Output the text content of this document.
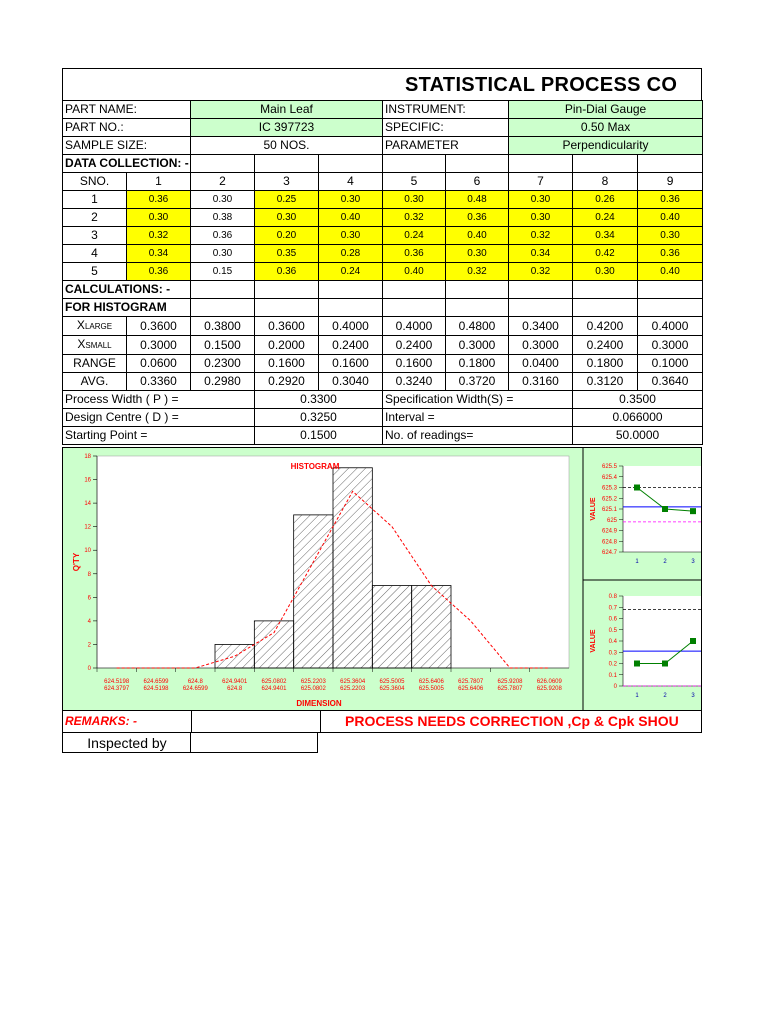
STATISTICAL PROCESS CO
PART NAME:		Main Leaf			INSTRUMENT:		Pin-Dial Gauge		
PART NO.:		IC 397723			SPECIFIC:		0.50 Max		
SAMPLE SIZE:		50 NOS.			PARAMETER		Perpendicularity		
DATA COLLECTION: -									
SNO.	1	2	3	4	5	6	7	8	9
1	0.36	0.30	0.25	0.30	0.30	0.48	0.30	0.26	0.36
2	0.30	0.38	0.30	0.40	0.32	0.36	0.30	0.24	0.40
3	0.32	0.36	0.20	0.30	0.24	0.40	0.32	0.34	0.30
4	0.34	0.30	0.35	0.28	0.36	0.30	0.34	0.42	0.36
5	0.36	0.15	0.36	0.24	0.40	0.32	0.32	0.30	0.40
CALCULATIONS: -									
FOR HISTOGRAM									
XLARGE	0.3600	0.3800	0.3600	0.4000	0.4000	0.4800	0.3400	0.4200	0.4000
XSMALL	0.3000	0.1500	0.2000	0.2400	0.2400	0.3000	0.3000	0.2400	0.3000
RANGE	0.0600	0.2300	0.1600	0.1600	0.1600	0.1800	0.0400	0.1800	0.1000
AVG.	0.3360	0.2980	0.2920	0.3040	0.3240	0.3720	0.3160	0.3120	0.3640
Process Width ( P ) =			0.3300		Specification Width(S) =			0.3500	
Design Centre ( D ) =			0.3250		Interval =			0.066000	
Starting Point =			0.1500		No. of readings=			50.0000	
0
2
4
6
8
10
12
14
16
18
624.5198
624.3797
624.6599
624.5198
624.8
624.6599
624.9401
624.8
625.0802
624.9401
625.2203
625.0802
625.3604
625.2203
625.5005
625.3604
625.6406
625.5005
625.7807
625.6406
625.9208
625.7807
626.0609
625.9208
HISTOGRAM
DIMENSION
Q'TY	624.7
624.8
624.9
625
625.1
625.2
625.3
625.4
625.5
1	2	3
VALUE
0
0.1
0.2
0.3
0.4
0.5
0.6
0.7
0.8
1	2	3
VALUE
REMARKS: -	PROCESS NEEDS CORRECTION ,Cp & Cpk SHOU
Inspected by
